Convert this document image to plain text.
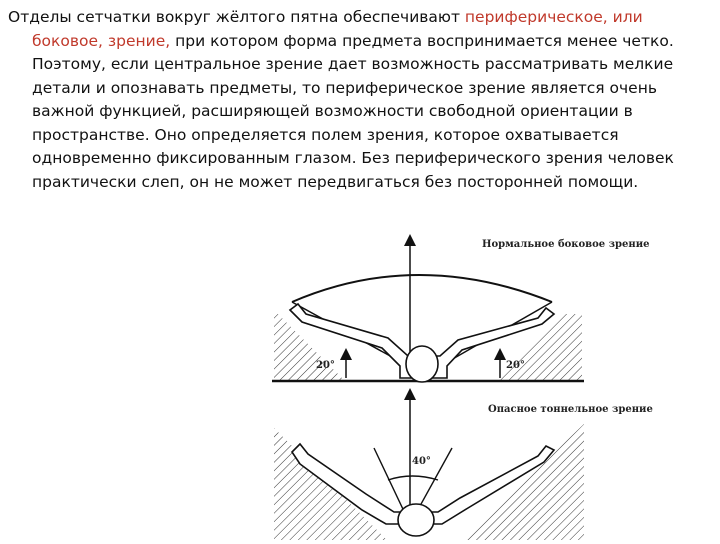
Отделы сетчатки вокруг жёлтого пятна обеспечивают периферическое, или
боковое, зрение, при котором форма предмета воспринимается менее четко.
Поэтому, если центральное зрение дает возможность рассматривать мелкие
детали и опознавать предметы, то периферическое зрение является очень
важной функцией, расширяющей возможности свободной ориентации в
пространстве. Оно определяется полем зрения, которое охватывается
одновременно фиксированным глазом. Без периферического зрения человек
практически слеп, он не может передвигаться без посторонней помощи.
Нормальное боковое зрение
Опасное тоннельное зрение
20°	20°
40°
